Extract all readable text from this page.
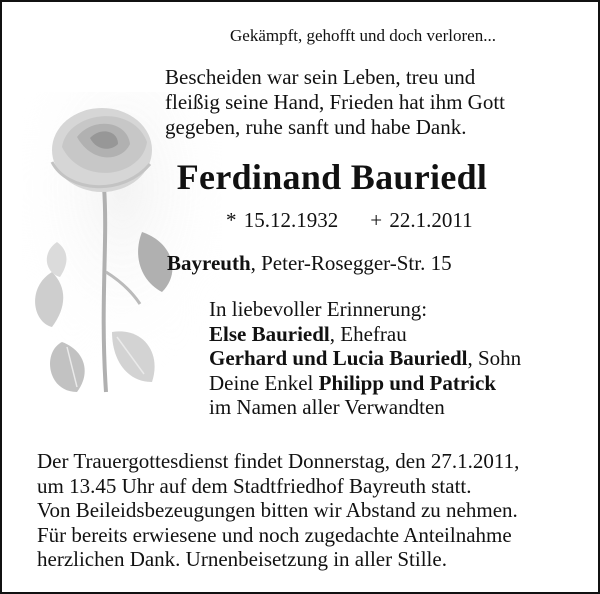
Gekämpft, gehofft und doch verloren...
Bescheiden war sein Leben, treu und
fleißig seine Hand, Frieden hat ihm Gott
gegeben, ruhe sanft und habe Dank.
Ferdinand Bauriedl
* 15.12.1932 + 22.1.2011
Bayreuth, Peter-Rosegger-Str. 15
In liebevoller Erinnerung:
Else Bauriedl, Ehefrau
Gerhard und Lucia Bauriedl, Sohn
Deine Enkel Philipp und Patrick
im Namen aller Verwandten
Der Trauergottesdienst findet Donnerstag, den 27.1.2011,
um 13.45 Uhr auf dem Stadtfriedhof Bayreuth statt.
Von Beileidsbezeugungen bitten wir Abstand zu nehmen.
Für bereits erwiesene und noch zugedachte Anteilnahme
herzlichen Dank. Urnenbeisetzung in aller Stille.
